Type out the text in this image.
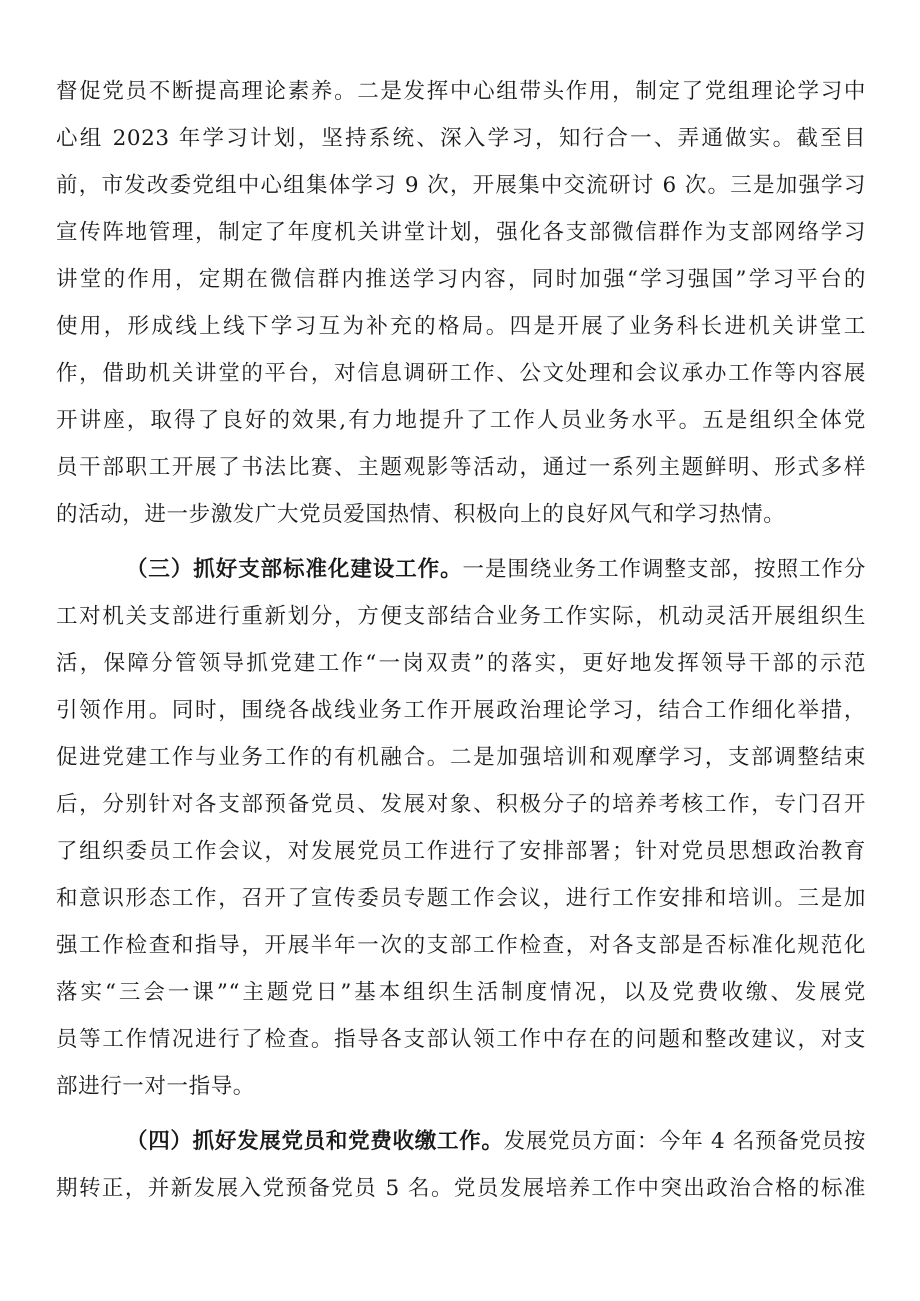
督促党员不断提高理论素养。二是发挥中心组带头作用，制定了党组理论学习中
心组 2023 年学习计划，坚持系统、深入学习，知行合一、弄通做实。截至目
前，市发改委党组中心组集体学习 9 次，开展集中交流研讨 6 次。三是加强学习
宣传阵地管理，制定了年度机关讲堂计划，强化各支部微信群作为支部网络学习
讲堂的作用，定期在微信群内推送学习内容，同时加强“学习强国”学习平台的
使用，形成线上线下学习互为补充的格局。四是开展了业务科长进机关讲堂工
作，借助机关讲堂的平台，对信息调研工作、公文处理和会议承办工作等内容展
开讲座，取得了良好的效果,有力地提升了工作人员业务水平。五是组织全体党
员干部职工开展了书法比赛、主题观影等活动，通过一系列主题鲜明、形式多样
的活动，进一步激发广大党员爱国热情、积极向上的良好风气和学习热情。
（三）抓好支部标准化建设工作。一是围绕业务工作调整支部，按照工作分
工对机关支部进行重新划分，方便支部结合业务工作实际，机动灵活开展组织生
活，保障分管领导抓党建工作“一岗双责”的落实，更好地发挥领导干部的示范
引领作用。同时，围绕各战线业务工作开展政治理论学习，结合工作细化举措，
促进党建工作与业务工作的有机融合。二是加强培训和观摩学习，支部调整结束
后，分别针对各支部预备党员、发展对象、积极分子的培养考核工作，专门召开
了组织委员工作会议，对发展党员工作进行了安排部署；针对党员思想政治教育
和意识形态工作，召开了宣传委员专题工作会议，进行工作安排和培训。三是加
强工作检查和指导，开展半年一次的支部工作检查，对各支部是否标准化规范化
落实“三会一课”“主题党日”基本组织生活制度情况，以及党费收缴、发展党
员等工作情况进行了检查。指导各支部认领工作中存在的问题和整改建议，对支
部进行一对一指导。
（四）抓好发展党员和党费收缴工作。发展党员方面：今年 4 名预备党员按
期转正，并新发展入党预备党员 5 名。党员发展培养工作中突出政治合格的标准
